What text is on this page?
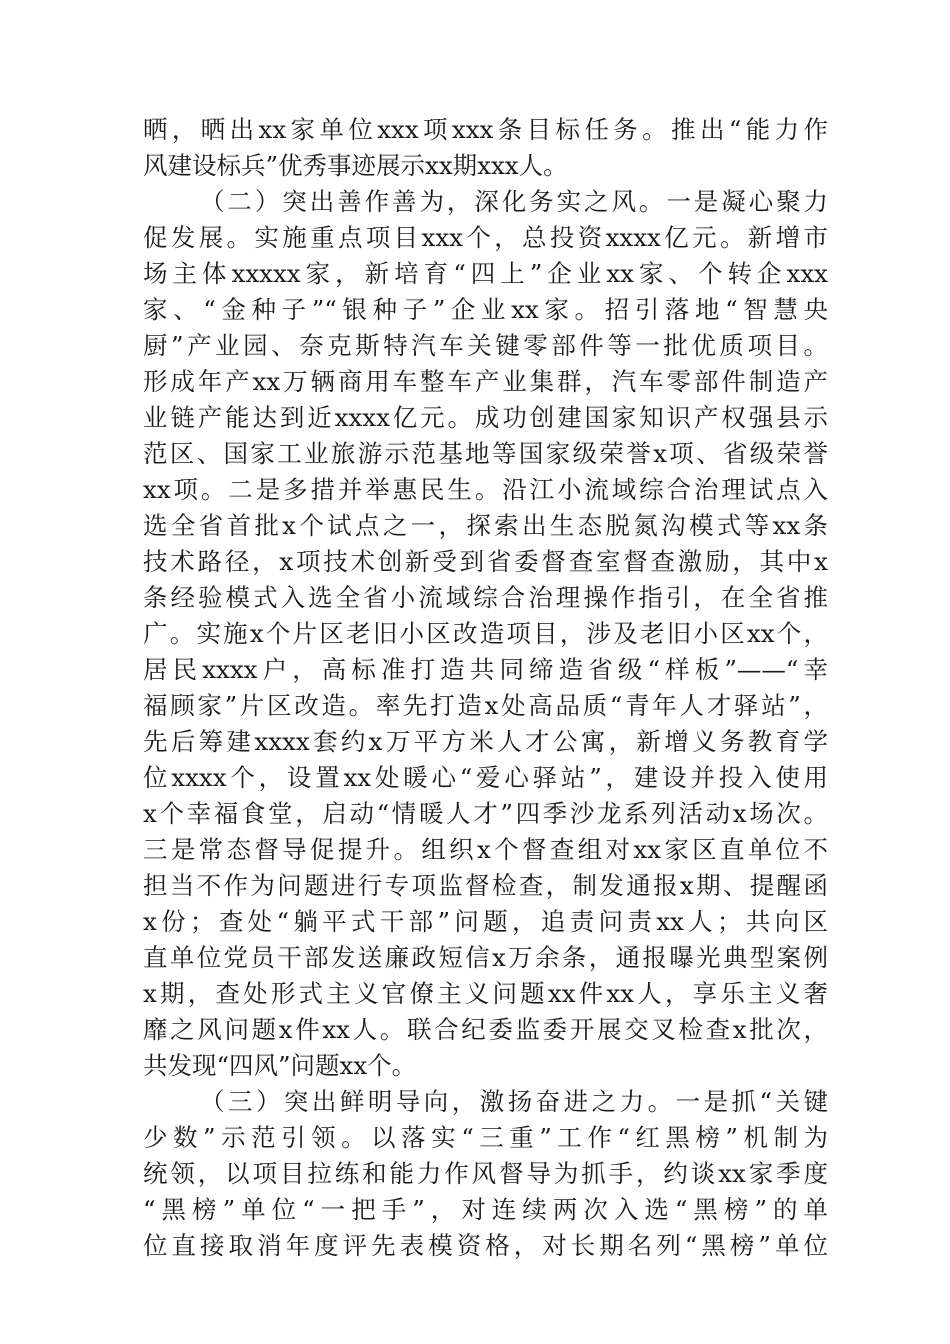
晒，晒出xx家单位xxx项xxx条目标任务。推出“能力作
风建设标兵”优秀事迹展示xx期xxx人。
（二）突出善作善为，深化务实之风。一是凝心聚力
促发展。实施重点项目xxx个，总投资xxxx亿元。新增市
场主体xxxxx家，新培育“四上”企业xx家、个转企xxx
家、“金种子”“银种子”企业xx家。招引落地“智慧央
厨”产业园、奈克斯特汽车关键零部件等一批优质项目。
形成年产xx万辆商用车整车产业集群，汽车零部件制造产
业链产能达到近xxxx亿元。成功创建国家知识产权强县示
范区、国家工业旅游示范基地等国家级荣誉x项、省级荣誉
xx项。二是多措并举惠民生。沿江小流域综合治理试点入
选全省首批x个试点之一，探索出生态脱氮沟模式等xx条
技术路径，x项技术创新受到省委督查室督查激励，其中x
条经验模式入选全省小流域综合治理操作指引，在全省推
广。实施x个片区老旧小区改造项目，涉及老旧小区xx个，
居民xxxx户，高标准打造共同缔造省级“样板”——“幸
福顾家”片区改造。率先打造x处高品质“青年人才驿站”，
先后筹建xxxx套约x万平方米人才公寓，新增义务教育学
位xxxx个，设置xx处暖心“爱心驿站”，建设并投入使用
x个幸福食堂，启动“情暖人才”四季沙龙系列活动x场次。
三是常态督导促提升。组织x个督查组对xx家区直单位不
担当不作为问题进行专项监督检查，制发通报x期、提醒函
x份；查处“躺平式干部”问题，追责问责xx人；共向区
直单位党员干部发送廉政短信x万余条，通报曝光典型案例
x期，查处形式主义官僚主义问题xx件xx人，享乐主义奢
靡之风问题x件xx人。联合纪委监委开展交叉检查x批次，
共发现“四风”问题xx个。
（三）突出鲜明导向，激扬奋进之力。一是抓“关键
少数”示范引领。以落实“三重”工作“红黑榜”机制为
统领，以项目拉练和能力作风督导为抓手，约谈xx家季度
“黑榜”单位“一把手”，对连续两次入选“黑榜”的单
位直接取消年度评先表模资格，对长期名列“黑榜”单位
